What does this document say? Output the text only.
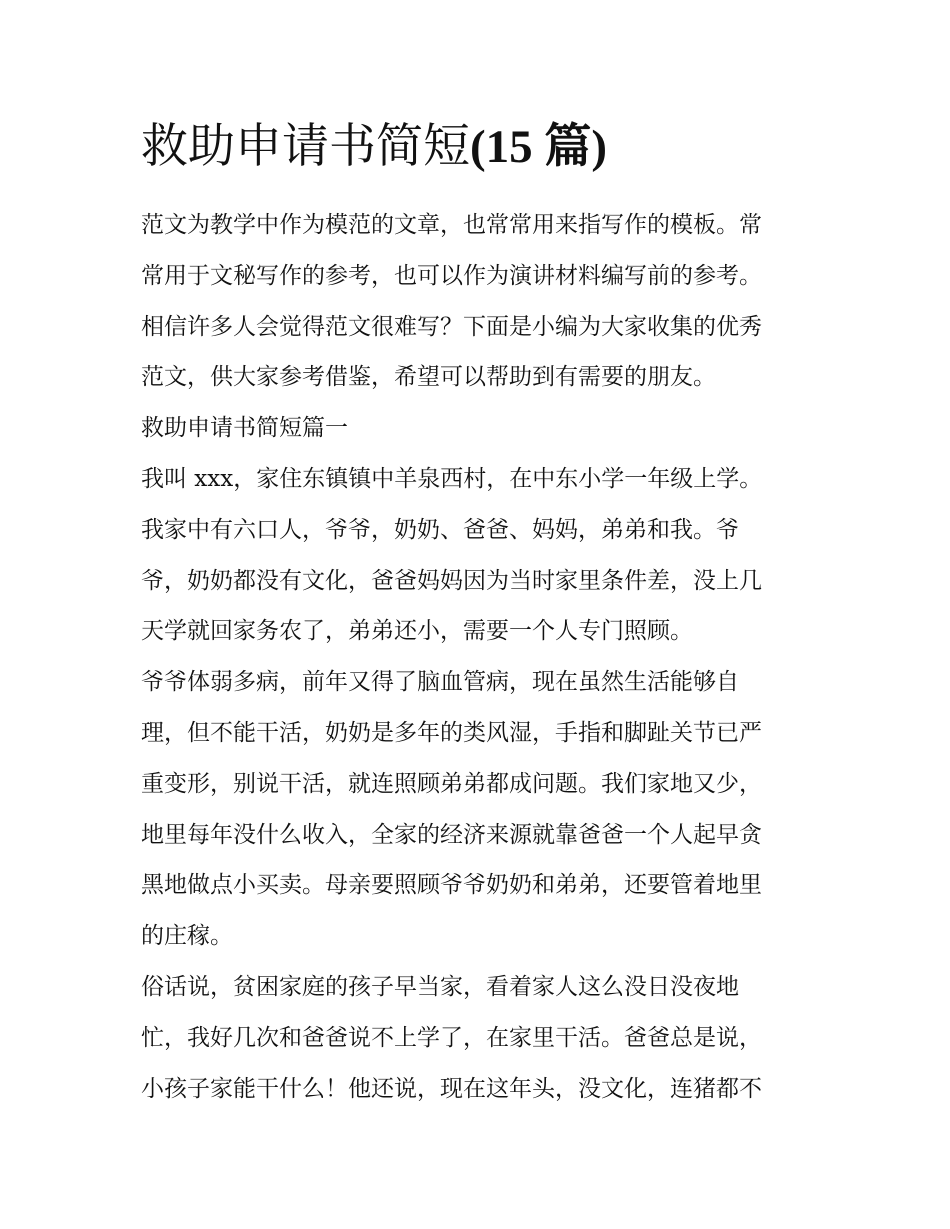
救助申请书简短(15 篇)

范文为教学中作为模范的文章，也常常用来指写作的模板。常
常用于文秘写作的参考，也可以作为演讲材料编写前的参考。
相信许多人会觉得范文很难写？下面是小编为大家收集的优秀
范文，供大家参考借鉴，希望可以帮助到有需要的朋友。

救助申请书简短篇一

我叫 xxx，家住东镇镇中羊泉西村，在中东小学一年级上学。
我家中有六口人，爷爷，奶奶、爸爸、妈妈，弟弟和我。爷
爷，奶奶都没有文化，爸爸妈妈因为当时家里条件差，没上几
天学就回家务农了，弟弟还小，需要一个人专门照顾。

爷爷体弱多病，前年又得了脑血管病，现在虽然生活能够自
理，但不能干活，奶奶是多年的类风湿，手指和脚趾关节已严
重变形，别说干活，就连照顾弟弟都成问题。我们家地又少，
地里每年没什么收入，全家的经济来源就靠爸爸一个人起早贪
黑地做点小买卖。母亲要照顾爷爷奶奶和弟弟，还要管着地里
的庄稼。

俗话说，贫困家庭的孩子早当家，看着家人这么没日没夜地
忙，我好几次和爸爸说不上学了，在家里干活。爸爸总是说，
小孩子家能干什么！他还说，现在这年头，没文化，连猪都不
